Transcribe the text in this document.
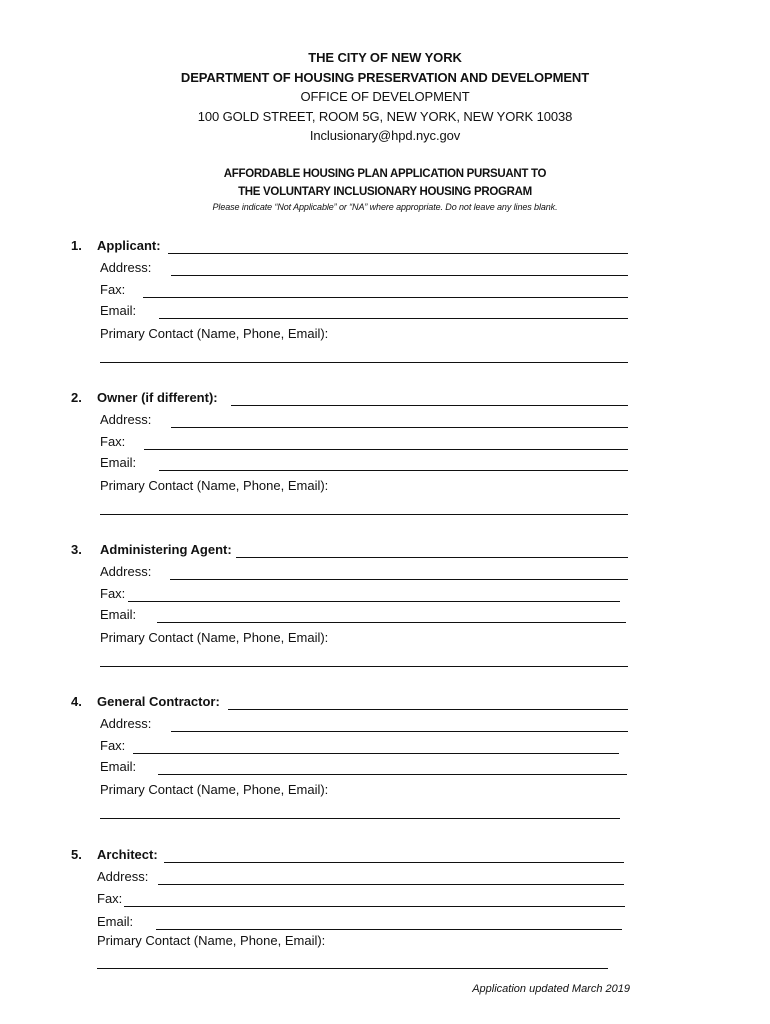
THE CITY OF NEW YORK
DEPARTMENT OF HOUSING PRESERVATION AND DEVELOPMENT
OFFICE OF DEVELOPMENT
100 GOLD STREET, ROOM 5G, NEW YORK, NEW YORK 10038
Inclusionary@hpd.nyc.gov
AFFORDABLE HOUSING PLAN APPLICATION PURSUANT TO
THE VOLUNTARY INCLUSIONARY HOUSING PROGRAM
Please indicate “Not Applicable” or “NA” where appropriate. Do not leave any lines blank.
1. Applicant:
Address:
Fax:
Email:
Primary Contact (Name, Phone, Email):
2. Owner (if different):
Address:
Fax:
Email:
Primary Contact (Name, Phone, Email):
3. Administering Agent:
Address:
Fax:
Email:
Primary Contact (Name, Phone, Email):
4. General Contractor:
Address:
Fax:
Email:
Primary Contact (Name, Phone, Email):
5. Architect:
Address:
Fax:
Email:
Primary Contact (Name, Phone, Email):
Application updated March 2019
